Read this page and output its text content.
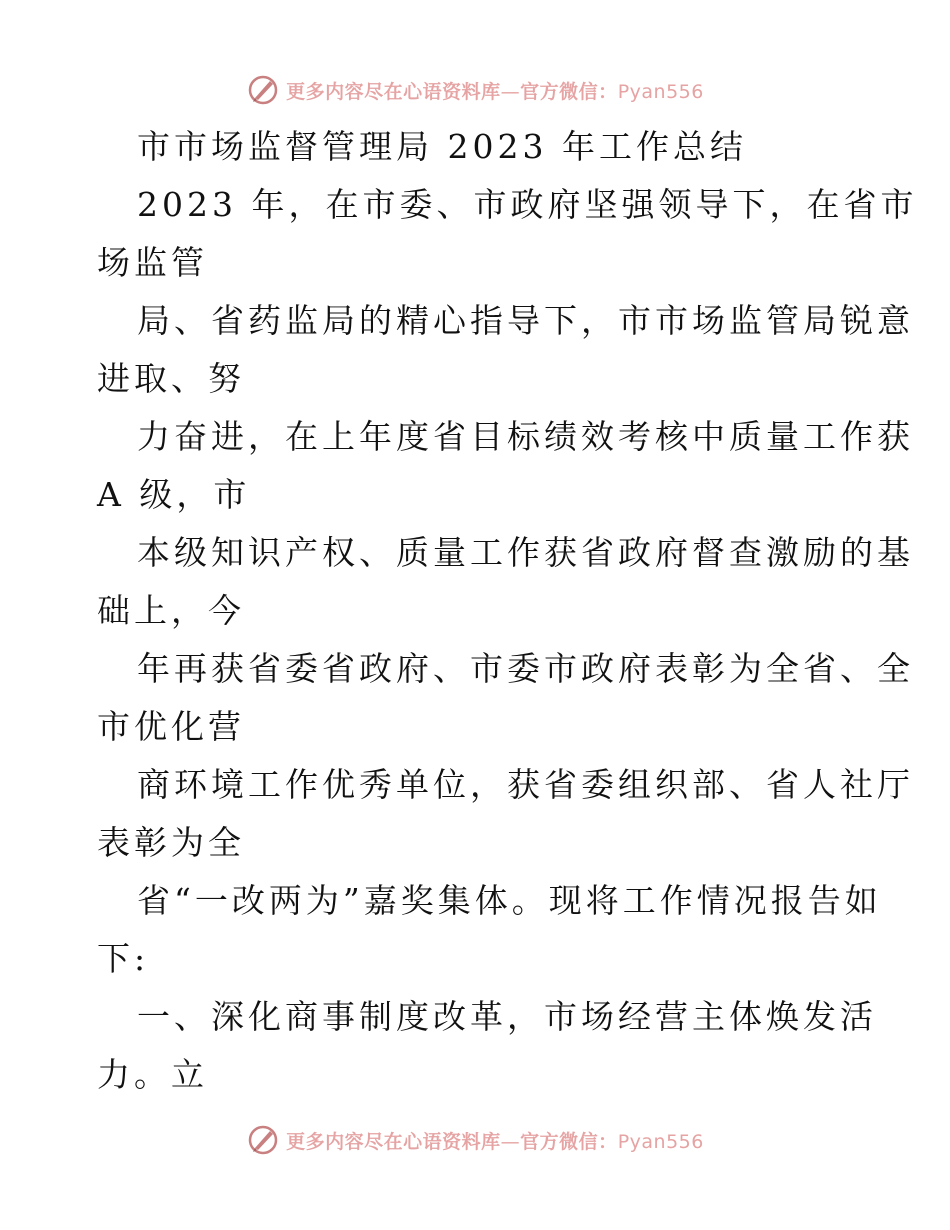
更多内容尽在心语资料库—官方微信：Pyan556
市市场监督管理局 2023 年工作总结
2023 年，在市委、市政府坚强领导下，在省市
场监管
局、省药监局的精心指导下，市市场监管局锐意
进取、努
力奋进，在上年度省目标绩效考核中质量工作获
A 级，市
本级知识产权、质量工作获省政府督查激励的基
础上，今
年再获省委省政府、市委市政府表彰为全省、全
市优化营
商环境工作优秀单位，获省委组织部、省人社厅
表彰为全
省“一改两为”嘉奖集体。现将工作情况报告如
下:
一、深化商事制度改革，市场经营主体焕发活
力。立
更多内容尽在心语资料库—官方微信：Pyan556
